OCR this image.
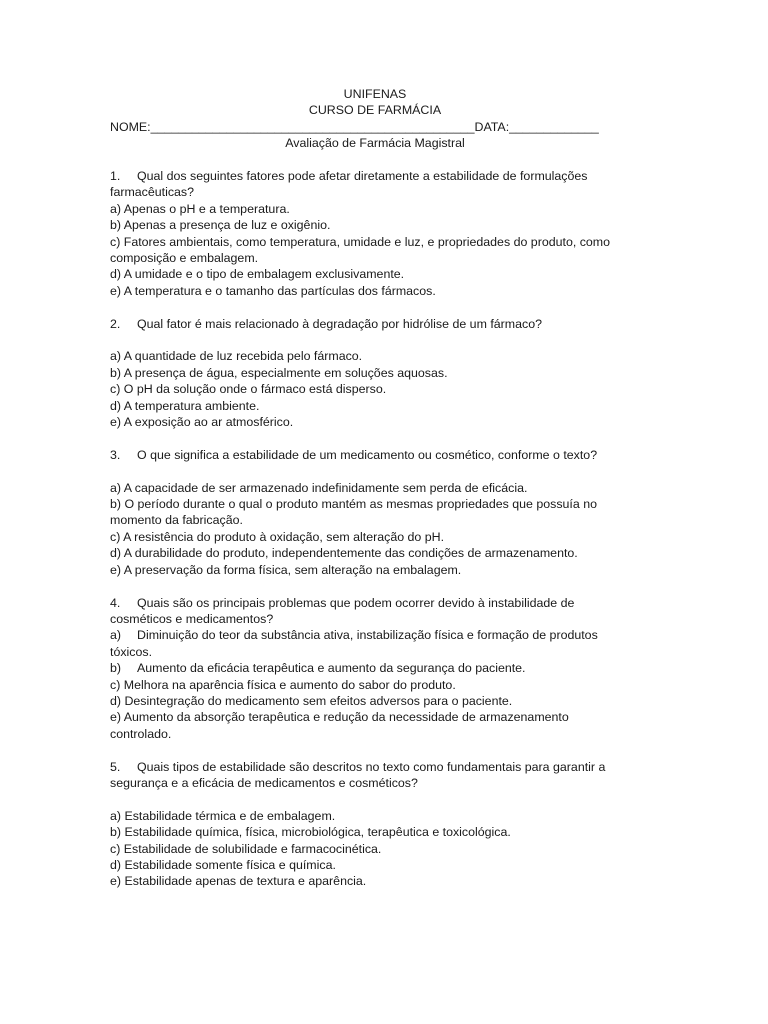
UNIFENAS

CURSO DE FARMÁCIA

NOME:_______________________________________________DATA:_____________

Avaliação de Farmácia Magistral

1. Qual dos seguintes fatores pode afetar diretamente a estabilidade de formulações

farmacêuticas?

a) Apenas o pH e a temperatura.

b) Apenas a presença de luz e oxigênio.

c) Fatores ambientais, como temperatura, umidade e luz, e propriedades do produto, como

composição e embalagem.

d) A umidade e o tipo de embalagem exclusivamente.

e) A temperatura e o tamanho das partículas dos fármacos.

2. Qual fator é mais relacionado à degradação por hidrólise de um fármaco?

a) A quantidade de luz recebida pelo fármaco.

b) A presença de água, especialmente em soluções aquosas.

c) O pH da solução onde o fármaco está disperso.

d) A temperatura ambiente.

e) A exposição ao ar atmosférico.

3. O que significa a estabilidade de um medicamento ou cosmético, conforme o texto?

a) A capacidade de ser armazenado indefinidamente sem perda de eficácia.

b) O período durante o qual o produto mantém as mesmas propriedades que possuía no

momento da fabricação.

c) A resistência do produto à oxidação, sem alteração do pH.

d) A durabilidade do produto, independentemente das condições de armazenamento.

e) A preservação da forma física, sem alteração na embalagem.

4. Quais são os principais problemas que podem ocorrer devido à instabilidade de

cosméticos e medicamentos?

a) Diminuição do teor da substância ativa, instabilização física e formação de produtos

tóxicos.

b) Aumento da eficácia terapêutica e aumento da segurança do paciente.

c) Melhora na aparência física e aumento do sabor do produto.

d) Desintegração do medicamento sem efeitos adversos para o paciente.

e) Aumento da absorção terapêutica e redução da necessidade de armazenamento

controlado.

5. Quais tipos de estabilidade são descritos no texto como fundamentais para garantir a

segurança e a eficácia de medicamentos e cosméticos?

a) Estabilidade térmica e de embalagem.

b) Estabilidade química, física, microbiológica, terapêutica e toxicológica.

c) Estabilidade de solubilidade e farmacocinética.

d) Estabilidade somente física e química.

e) Estabilidade apenas de textura e aparência.
